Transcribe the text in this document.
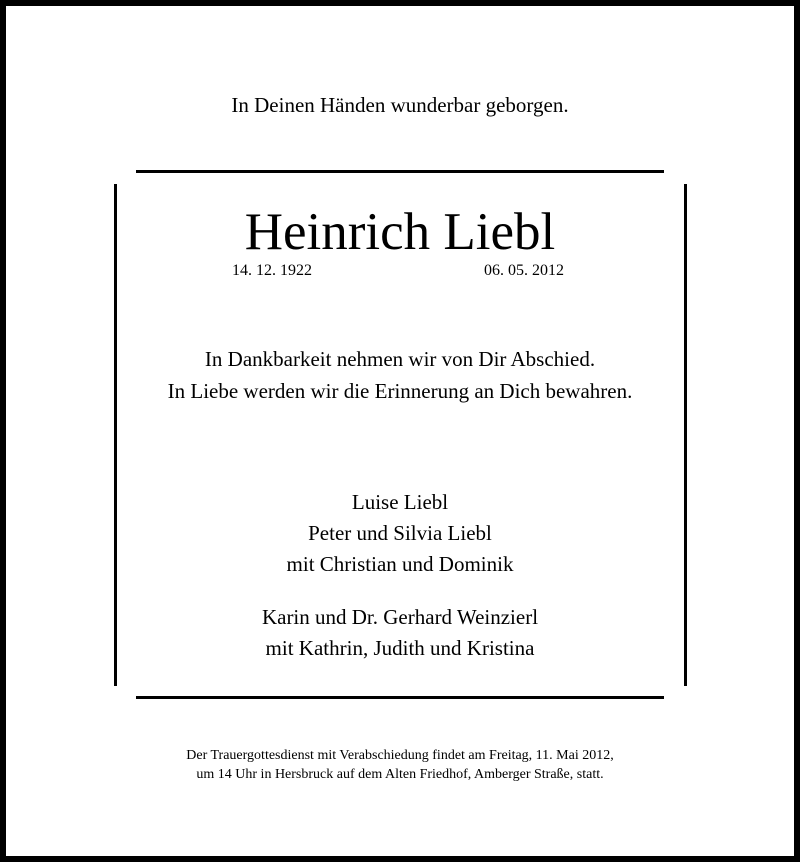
In Deinen Händen wunderbar geborgen.
Heinrich Liebl
14. 12. 1922	06. 05. 2012
In Dankbarkeit nehmen wir von Dir Abschied.
In Liebe werden wir die Erinnerung an Dich bewahren.
Luise Liebl
Peter und Silvia Liebl
mit Christian und Dominik
Karin und Dr. Gerhard Weinzierl
mit Kathrin, Judith und Kristina
Der Trauergottesdienst mit Verabschiedung findet am Freitag, 11. Mai 2012,
um 14 Uhr in Hersbruck auf dem Alten Friedhof, Amberger Straße, statt.
